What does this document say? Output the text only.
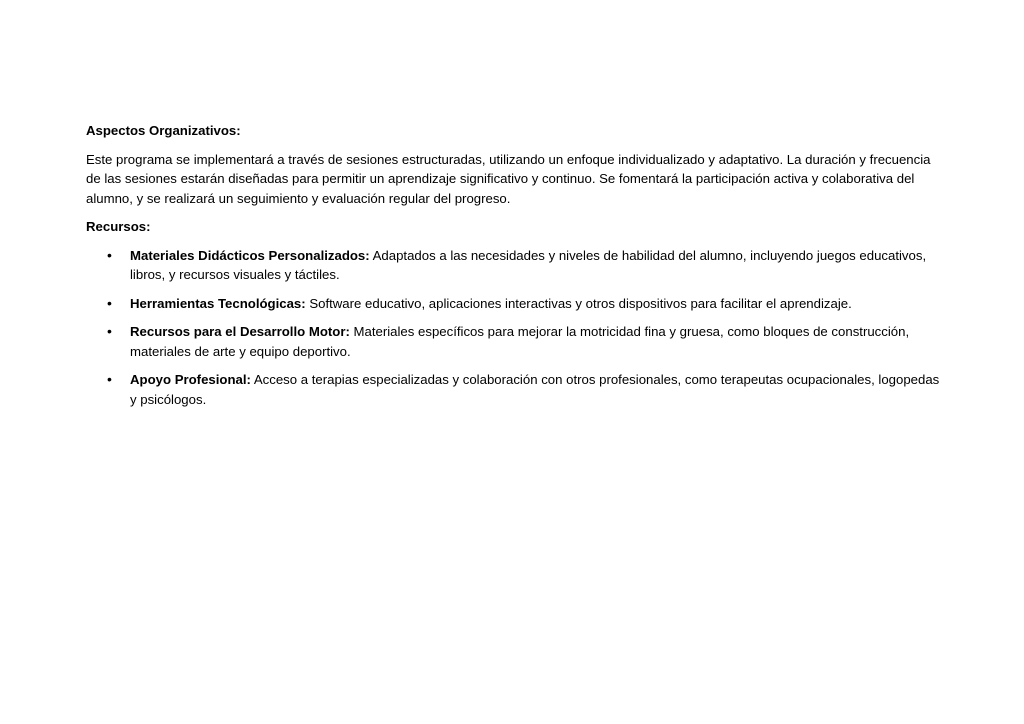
Aspectos Organizativos:

Este programa se implementará a través de sesiones estructuradas, utilizando un enfoque individualizado y adaptativo. La duración y frecuencia de las sesiones estarán diseñadas para permitir un aprendizaje significativo y continuo. Se fomentará la participación activa y colaborativa del alumno, y se realizará un seguimiento y evaluación regular del progreso.

Recursos:

• Materiales Didácticos Personalizados: Adaptados a las necesidades y niveles de habilidad del alumno, incluyendo juegos educativos, libros, y recursos visuales y táctiles.
• Herramientas Tecnológicas: Software educativo, aplicaciones interactivas y otros dispositivos para facilitar el aprendizaje.
• Recursos para el Desarrollo Motor: Materiales específicos para mejorar la motricidad fina y gruesa, como bloques de construcción, materiales de arte y equipo deportivo.
• Apoyo Profesional: Acceso a terapias especializadas y colaboración con otros profesionales, como terapeutas ocupacionales, logopedas y psicólogos.
